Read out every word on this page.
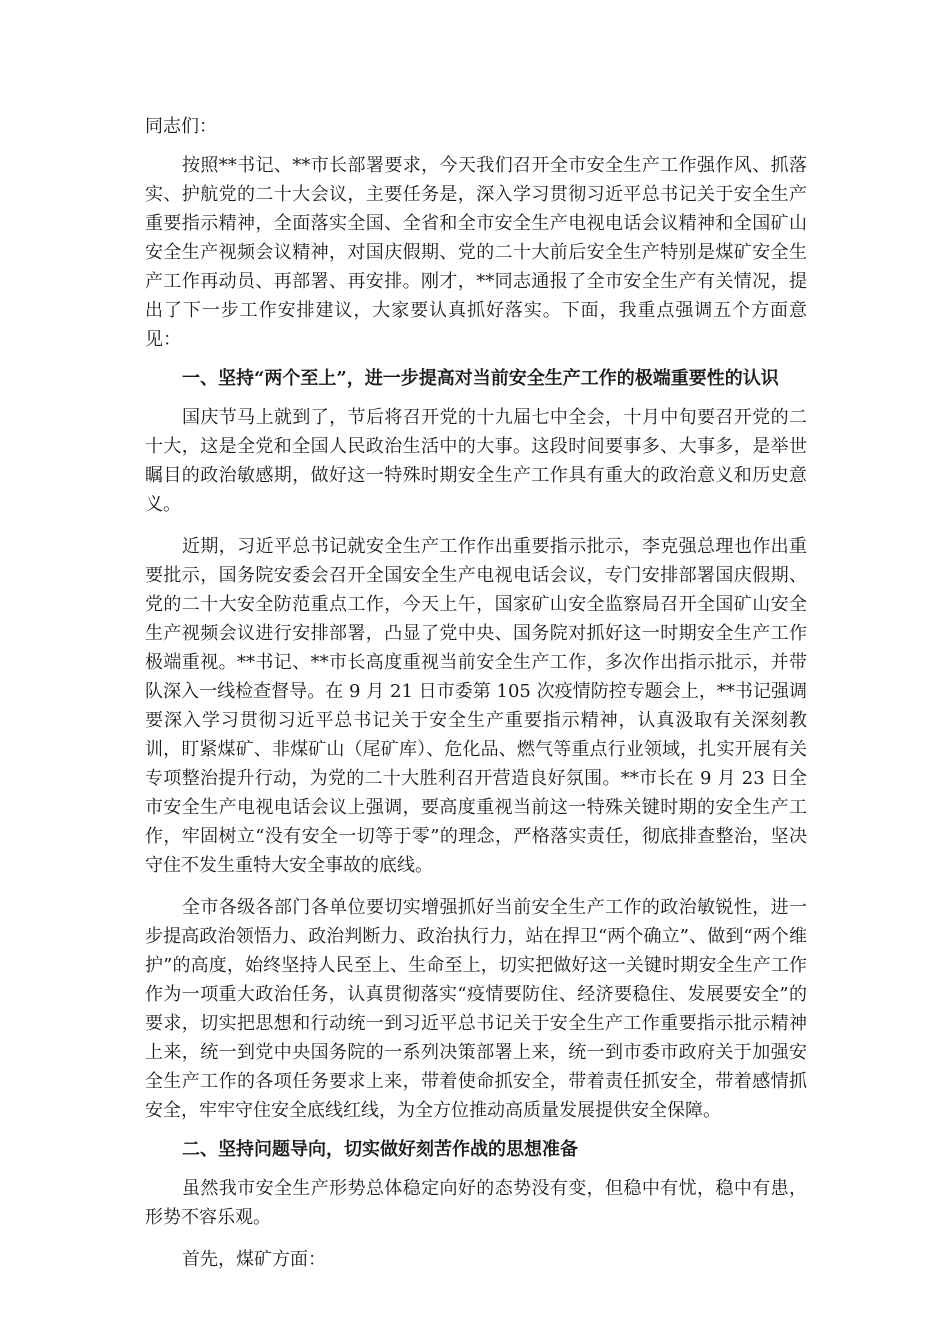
同志们：

按照**书记、**市长部署要求，今天我们召开全市安全生产工作强作风、抓落实、护航党的二十大会议，主要任务是，深入学习贯彻习近平总书记关于安全生产重要指示精神，全面落实全国、全省和全市安全生产电视电话会议精神和全国矿山安全生产视频会议精神，对国庆假期、党的二十大前后安全生产特别是煤矿安全生产工作再动员、再部署、再安排。刚才，**同志通报了全市安全生产有关情况，提出了下一步工作安排建议，大家要认真抓好落实。下面，我重点强调五个方面意见：

一、坚持“两个至上”，进一步提高对当前安全生产工作的极端重要性的认识

国庆节马上就到了，节后将召开党的十九届七中全会，十月中旬要召开党的二十大，这是全党和全国人民政治生活中的大事。这段时间要事多、大事多，是举世瞩目的政治敏感期，做好这一特殊时期安全生产工作具有重大的政治意义和历史意义。

近期，习近平总书记就安全生产工作作出重要指示批示，李克强总理也作出重要批示，国务院安委会召开全国安全生产电视电话会议，专门安排部署国庆假期、党的二十大安全防范重点工作，今天上午，国家矿山安全监察局召开全国矿山安全生产视频会议进行安排部署，凸显了党中央、国务院对抓好这一时期安全生产工作极端重视。**书记、**市长高度重视当前安全生产工作，多次作出指示批示，并带队深入一线检查督导。在 9 月 21 日市委第 105 次疫情防控专题会上，**书记强调要深入学习贯彻习近平总书记关于安全生产重要指示精神，认真汲取有关深刻教训，盯紧煤矿、非煤矿山（尾矿库）、危化品、燃气等重点行业领域，扎实开展有关专项整治提升行动，为党的二十大胜利召开营造良好氛围。**市长在 9 月 23 日全市安全生产电视电话会议上强调，要高度重视当前这一特殊关键时期的安全生产工作，牢固树立“没有安全一切等于零”的理念，严格落实责任，彻底排查整治，坚决守住不发生重特大安全事故的底线。

全市各级各部门各单位要切实增强抓好当前安全生产工作的政治敏锐性，进一步提高政治领悟力、政治判断力、政治执行力，站在捍卫“两个确立”、做到“两个维护”的高度，始终坚持人民至上、生命至上，切实把做好这一关键时期安全生产工作作为一项重大政治任务，认真贯彻落实“疫情要防住、经济要稳住、发展要安全”的要求，切实把思想和行动统一到习近平总书记关于安全生产工作重要指示批示精神上来，统一到党中央国务院的一系列决策部署上来，统一到市委市政府关于加强安全生产工作的各项任务要求上来，带着使命抓安全，带着责任抓安全，带着感情抓安全，牢牢守住安全底线红线，为全方位推动高质量发展提供安全保障。

二、坚持问题导向，切实做好刻苦作战的思想准备

虽然我市安全生产形势总体稳定向好的态势没有变，但稳中有忧，稳中有患，形势不容乐观。

首先，煤矿方面：
